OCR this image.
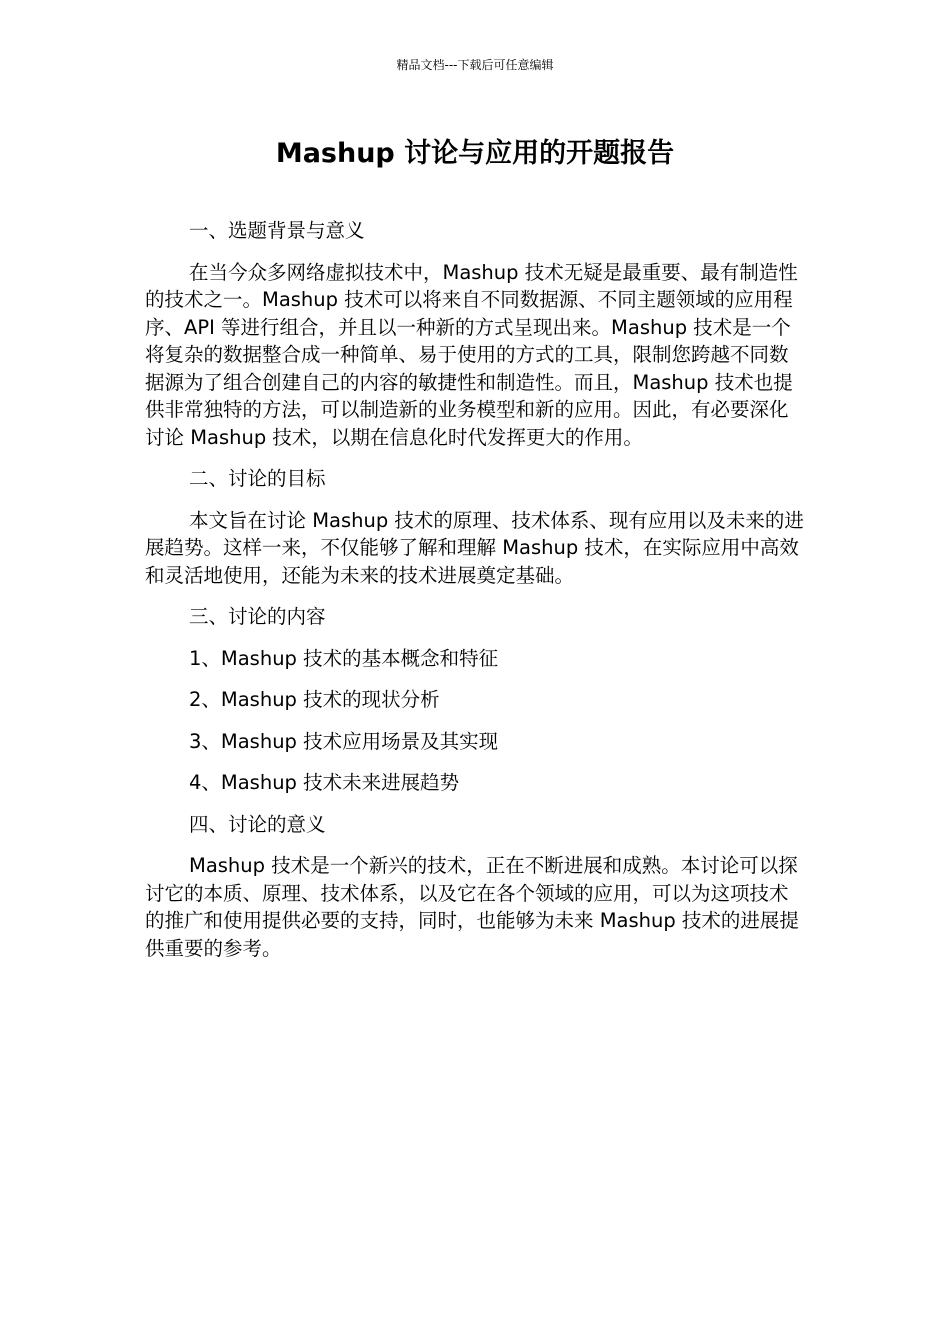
精品文档---下载后可任意编辑
Mashup 讨论与应用的开题报告

一、选题背景与意义

在当今众多网络虚拟技术中，Mashup 技术无疑是最重要、最有制造性的技术之一。Mashup 技术可以将来自不同数据源、不同主题领域的应用程序、API 等进行组合，并且以一种新的方式呈现出来。Mashup 技术是一个将复杂的数据整合成一种简单、易于使用的方式的工具，限制您跨越不同数据源为了组合创建自己的内容的敏捷性和制造性。而且，Mashup 技术也提供非常独特的方法，可以制造新的业务模型和新的应用。因此，有必要深化讨论 Mashup 技术，以期在信息化时代发挥更大的作用。

二、讨论的目标

本文旨在讨论 Mashup 技术的原理、技术体系、现有应用以及未来的进展趋势。这样一来，不仅能够了解和理解 Mashup 技术，在实际应用中高效和灵活地使用，还能为未来的技术进展奠定基础。

三、讨论的内容

1、Mashup 技术的基本概念和特征

2、Mashup 技术的现状分析

3、Mashup 技术应用场景及其实现

4、Mashup 技术未来进展趋势

四、讨论的意义

Mashup 技术是一个新兴的技术，正在不断进展和成熟。本讨论可以探讨它的本质、原理、技术体系，以及它在各个领域的应用，可以为这项技术的推广和使用提供必要的支持，同时，也能够为未来 Mashup 技术的进展提供重要的参考。
